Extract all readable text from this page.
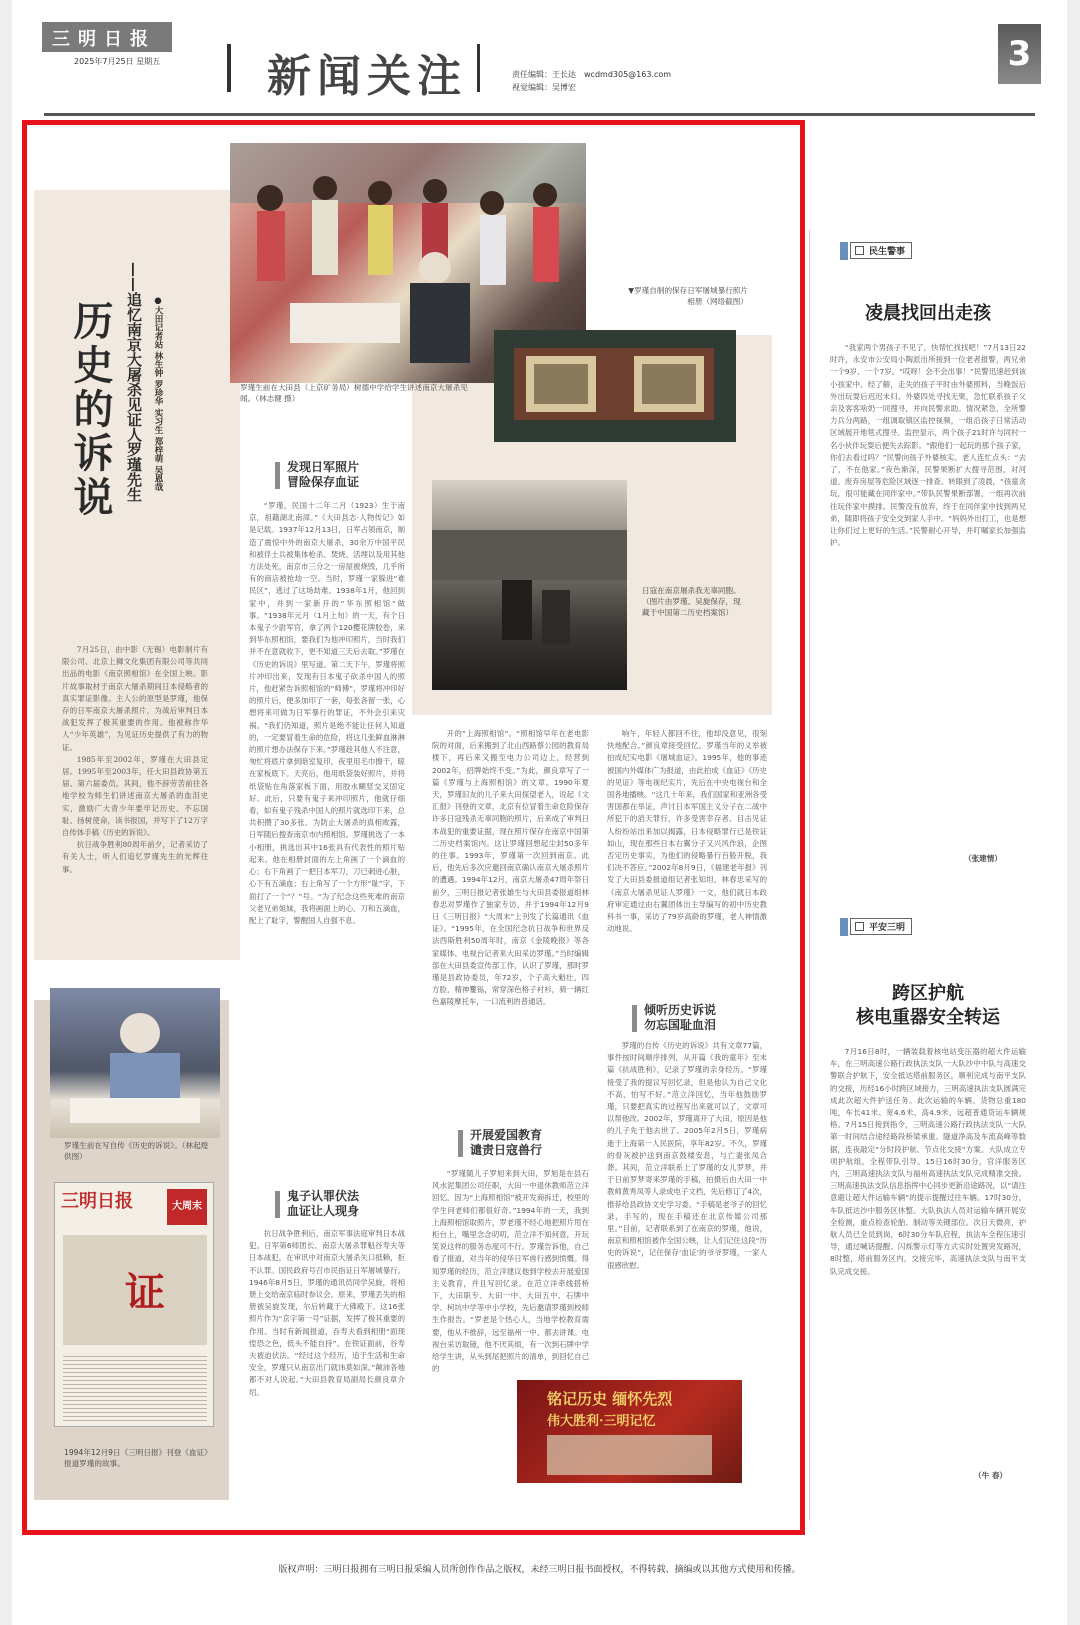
三明日报
2025年7月25日 星期五 新闻关注	责任编辑：王长达 wcdmd305@163.com
视觉编辑：吴博宏
3
历史的诉说 ——追忆南京大屠杀见证人罗瑾先生 ●大田记者站 林生钟 罗珍华 实习生 郑梓萌 吴恩哉

7月25日，由中影（无锡）电影制片有限公司、北京上狮文化集团有限公司等共同出品的电影《南京照相馆》在全国上映。影片故事取材于南京大屠杀期间日本侵略者的真实罪证影像。主人公的原型是罗瑾，他保存的日军南京大屠杀照片，为战后审判日本战犯发挥了极其重要的作用。他被称作华人“少年英雄”，为见证历史提供了有力的物证。

1985年至2002年，罗瑾在大田县定居。1995年至2003年，任大田县政协第五届、第六届委员。其间，他不辞劳苦前往各地学校为师生们讲述南京大屠杀的血泪史实，激励广大青少年要牢记历史、不忘国耻、扬树使命，读书报国，并写下了12万字自传体手稿《历史的诉说》。

抗日战争胜利80周年前夕，记者采访了有关人士，听人们追忆罗瑾先生的光辉往事。

罗瑾生前在大田县（上京矿务局）树德中学给学生讲述南京大屠杀见闻。（林志健 摄）
▼罗瑾自制的保存日军屠城暴行照片相册（网络截图）
日寇在南京屠杀我无辜同胞。（图片由罗瑾、吴旋保存，现藏于中国第二历史档案馆）
发现日军照片
冒险保存血证
鬼子认罪伏法
血证让人现身
开展爱国教育
谴责日寇兽行
倾听历史诉说
勿忘国耻血泪

“罗瑾，民国十二年二月（1923）生于南京，祖籍湖北南漳。”《大田县志·人物传记》如是记载。1937年12月13日，日军占领南京，制造了震惊中外的南京大屠杀，30余万中国平民和被俘士兵被集体枪杀、焚烧、活埋以及用其他方法处死，南京市三分之一房屋被烧毁，几乎所有的商店被抢劫一空。当时，罗瑾一家躲进“难民区”，逃过了这场劫难。1938年1月，他回到家中，并到一家新开的“华东照相馆”做事。“1938年元月（1月上旬）的一天，有个日本鬼子少尉军官，拿了两个120樱花牌胶卷，来到华东照相馆，要我们为他冲印照片，当时我们并不在意就收下，更不知道三天后去取。”罗瑾在《历史的诉说》里写道。第二天下午，罗瑾将照片冲印出来，发现有日本鬼子砍杀中国人的照片，他赶紧告诉照相馆的“师傅”，罗瑾将冲印好的照片后，便多加印了一套，每张各留一张，心想将来可做为日军暴行的罪证，不外会引来灾祸。“我们仍知道，照片是绝不能让任何人知道的，一定要冒着生命的危险，将这几张鲜血淋淋的照片想办法保存下来。”罗瑾趁其他人不注意，匆忙将底片拿到暗室复印，夜里用毛巾擦干，晾在家板底下。天亮后，他用纸袋装好照片，并将纸袋贴在角落家板下面，用胶水糊竖交叉固定好。此后，只要有鬼子来冲印照片，他就仔细看，如有鬼子残杀中国人的照片就选印下来，总共积攒了30多张。为防止大屠杀的真相败露，日军随后搜查南京市内照相馆。罗瑾挑选了一本小相册，挑选出其中16张具有代表性的照片贴起来。他在相册封面的左上角画了一个滴血的心；右下角画了一把日本军刀，刀已刺进心脏，心下有五滴血；右上角写了一个方形“耻”字，下面打了一个“？”号。“为了纪念这些死难的南京父老兄弟姐妹，我将画面上的心、刀和五滴血，配上了耻字，警醒国人自强不息。

抗日战争胜利后，南京军事法庭审判日本战犯。日军第6师团长、南京大屠杀罪魁谷寿夫等日本战犯，在审讯中对南京大屠杀矢口抵赖，拒不认罪。国民政府号召市民指证日军屠城暴行。1946年8月5日，罗瑾的通讯员同学吴旋，将相册上交给南京临时参议会。原来，罗瑾丢失的相册被吴旋发现，尔后转藏于大佛殿下。这16张照片作为“京字第一号”证据，发挥了极其重要的作用。当时有新闻报道，吞寿夫看到相册“面现惶恐之色，低头不能自持”。在铁证面前，谷寿夫被迫伏法。“经过这个经历，追于生活和生命安全，罗瑾只从南京出门就讳莫如深。”颠沛各地都不对人说起。”大田县教育局副局长颜良章介绍。

开的“上海照相馆”。“照相馆早年在老电影院的对面，后来搬到了北山西路蔡公园的教育局楼下，再后来又搬至电力公司边上，经营到2002年，招牌始终不变。”为此，颜良章写了一篇《罗瑾与上海照相馆》的文章。1990年夏天，罗瑾旧友的儿子来大田探望老人，说起《文汇报》刊登的文章，北京有位冒着生命危险保存许多日寇残杀无辜同胞的照片，后来成了审判日本战犯的重要证据，现在照片保存在南京中国第二历史档案馆内。这让罗瑾回想起尘封50多年的往事。1993年，罗瑾第一次回到南京。此后，他先后多次应邀回南京确认南京大屠杀照片的遭遇。1994年12月，南京大屠杀47周年祭日前夕，三明日报记者张雄生与大田县委报道组林春忠对罗瑾作了独家专访，并于1994年12月9日《三明日报》“大周末”上刊发了长篇通讯《血证》。“1995年，在全国纪念抗日战争和世界反法西斯胜利50周年时，南京《金陵晚报》等各家媒体、电视台记者来大田采访罗瑾。”当时编辑部在大田县委宣传部工作，认识了罗瑾，那时罗瑾是县政协委员，年72岁，个子高大魁壮，四方脸，精神矍铄，常穿深色格子衬衫，骑一辆红色嘉陵摩托车，一口流利的普通话。

“罗瑾随儿子罗旭来到大田，罗旭是在县石风水泥集团公司任职，大田一中退休教师范立洋回忆，因为“上海照相馆”被开发商拆迁，校里的学生问老师们都很好奇。”1994年的一天，我到上海照相馆取照片，罗老瑾不经心地把照片甩在柜台上，嘴里念念叨叨。范立洋不知何意，开玩笑说这样的服务态度可不行。罗瑾告诉他，自己看了报道，对当年的侵华日军兽行感到愤慨。得知罗瑾的经历，范立洋建议他到学校去开展爱国主义教育，并且写回忆录。在范立洋牵线搭桥下，大田职专、大田一中、大田五中、石牌中学、柯坑中学等中小学校，先后邀请罗瑾到校师生作报告。“罗老是个热心人，当地学校教育需要，他从不推辞，远至福州一中、都去讲课。电视台采访取镜，他不厌其烦，有一次到石牌中学给学生讲，从头到尾把照片的清单，到回忆自己的

响午，年轻人都回不住，他却没意见，很刻快地配合。”颜良章接受回忆。罗瑾当年的义举被拍成纪实电影《屠城血证》。1995年，他的事迹被国内外媒体广为报道，由此拍成《血证》《历史的见证》等电视纪实片，先后在中央电视台和全国各地播映。“这几十年来，我们国家和亚洲各受害国都在举证，声讨日本军国主义分子在二战中所犯下的滔天罪行，许多受害幸存者、目击见证人纷纷站出来加以揭露，日本侵略罪行已是铁证如山，现在那些日本右翼分子又兴风作浪，企图否定历史事实，为他们的侵略暴行百般开脱，我们决不答应。”2002年8月9日，《福建老年报》刊发了大田县委报道组记者张知坦、林春忠采写的《南京大屠杀见证人罗瑾》一文，他们就日本政府审定通过由右翼团体出主导编写的初中历史教科书一事，采访了79岁高龄的罗瑾，老人神情激动地说。

罗瑾的自传《历史的诉说》共有文章77篇，事件按时间顺序排列，从开篇《我的童年》至末篇《抗战胜利》，记录了罗瑾的亲身经历。“罗瑾接受了我的提议写回忆录，但是他认为自己文化不高，怕写不好。”范立洋回忆，当年他鼓励罗瑾，只要把真实的过程写出来就可以了，文章可以帮他改。2002年，罗瑾离开了大田，原因是他的儿子先于他去世了。2005年2月5日，罗瑾病逝于上海第一人民医院，享年82岁。不久，罗瑾的骨灰被护送到南京鼓楼安息，与亡妻张凤合葬。其间，范立洋联系上了罗瑾的女儿罗梦，并于日前罗梦寄来罗瑾的手稿，拍摄后由大田一中教师黄秀凤等人录成电子文档，先后修订了4次，推荐给县政协文史学习委。“手稿是老爷子的回忆录，手写的，现在手稿还在北京传媒公司那里。”目前，记者联系到了在南京的罗瑾，他说，南京和照相馆被作全国公映，让人们记住这段“历史的诉说”，记住保存‘血证’的爷爷罗瑾，一家人很感欣慰。

铭记历史 缅怀先烈
伟大胜利·三明记忆
罗瑾生前在写自传《历史的诉说》。（林起煌 供图）
三明日报	大周末
证
1994年12月9日《三明日报》刊登《血证》报道罗瑾的故事。
民生警事
凌晨找回出走孩

“我家两个男孩子不见了，快帮忙找找吧！”7月13日22时许，永安市公安局小陶派出所接到一位老者报警，两兄弟一个9岁、一个7岁。“哎呀！会不会出事！”民警迅速赶到该小孩家中。经了解，走失的孩子平时由外婆照料，当晚饭后外出玩耍后迟迟未归。外婆四处寻找无果，急忙联系孩子父亲及客客啥奶一同搜寻，并向民警求助。情况紧急，全所警力兵分两路，一组调取镇区监控视频，一组沿孩子日常活动区域展开地毯式搜寻。监控显示，两个孩子21时许与同村一名小伙伴玩耍后便失去踪影。“跟他们一起玩的那个孩子家，你们去看过吗？”民警向孩子外婆核实。老人连忙点头：“去了，不在他家。”夜色渐深，民警果断扩大搜寻范围，对河道、废弃房屋等危险区域逐一排查。转眼到了凌晨，“孩童贪玩，很可能藏在同伴家中。”带队民警果断部署，一组再次前往玩伴家中摸排。民警没有放弃，终于在同伴家中找到两兄弟，随即将孩子安全交到家人手中。“妈妈外出打工，也是想让你们过上更好的生活。”民警耐心开导，并叮嘱家长加强监护。

（张建情）
平安三明
跨区护航
核电重器安全转运

7月16日8时，一辆装载着核电站变压器的超大件运输车，在三明高速公路行政执法支队一大队沙中中队与高速交警联合护航下，安全抵达塔前服务区，顺利完成与南平支队的交接，历经16小时跨区域接力，三明高速执法支队圆满完成此次超大件护送任务。此次运输的车辆、货物总重180吨，车长41米、宽4.6米、高4.9米，远超普通货运车辆规格。7月15日接到指令，三明高速公路行政执法支队一大队第一时间结合途经路段桥梁承重、隧道净高及车流高峰等数据，连夜敲定“分时段护航、节点化交接”方案。大队成立专项护航组，全程带队引导。15日16时30分，官洋服务区内，三明高速执法支队与福州高速执法支队完成精准交接。三明高速执法支队信息指挥中心同步更新沿途路况，以“请注意避让超大件运输车辆”的提示提醒过往车辆。17时30分，车队抵达沙中服务区休整。大队执法人员对运输车辆开展安全检测，重点检查轮胎、制动等关键部位。次日天微亮，护航人员已全员到岗，6时30分车队启程，执法车全程压速引导，通过喊话提醒、闪烁警示灯等方式实时处置突发路况，8时整，塔前服务区内，交接完毕，高速执法支队与南平支队完成交接。

（牛 春）
版权声明：三明日报拥有三明日报采编人员所创作作品之版权，未经三明日报书面授权，不得转载、摘编或以其他方式使用和传播。
